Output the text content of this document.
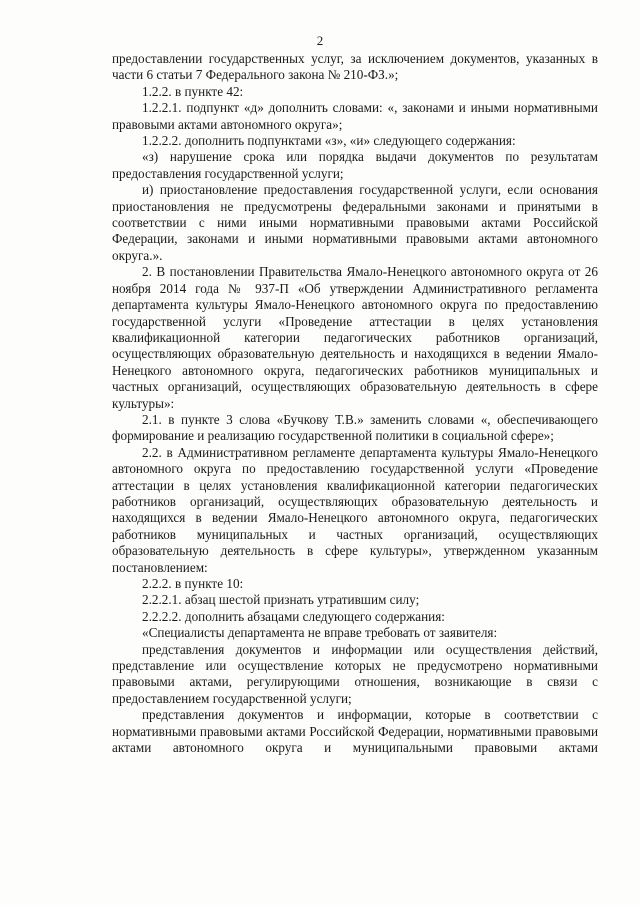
2

предоставлении государственных услуг, за исключением документов, указанных в части 6 статьи 7 Федерального закона № 210-ФЗ.»;

1.2.2. в пункте 42:

1.2.2.1. подпункт «д» дополнить словами: «, законами и иными нормативными правовыми актами автономного округа»;

1.2.2.2. дополнить подпунктами «з», «и» следующего содержания:

«з) нарушение срока или порядка выдачи документов по результатам предоставления государственной услуги;

и) приостановление предоставления государственной услуги, если основания приостановления не предусмотрены федеральными законами и принятыми в соответствии с ними иными нормативными правовыми актами Российской Федерации, законами и иными нормативными правовыми актами автономного округа.».

2. В постановлении Правительства Ямало-Ненецкого автономного округа от 26 ноября 2014 года № 937-П «Об утверждении Административного регламента департамента культуры Ямало-Ненецкого автономного округа по предоставлению государственной услуги «Проведение аттестации в целях установления квалификационной категории педагогических работников организаций, осуществляющих образовательную деятельность и находящихся в ведении Ямало-Ненецкого автономного округа, педагогических работников муниципальных и частных организаций, осуществляющих образовательную деятельность в сфере культуры»:

2.1. в пункте 3 слова «Бучкову Т.В.» заменить словами «, обеспечивающего формирование и реализацию государственной политики в социальной сфере»;

2.2. в Административном регламенте департамента культуры Ямало-Ненецкого автономного округа по предоставлению государственной услуги «Проведение аттестации в целях установления квалификационной категории педагогических работников организаций, осуществляющих образовательную деятельность и находящихся в ведении Ямало-Ненецкого автономного округа, педагогических работников муниципальных и частных организаций, осуществляющих образовательную деятельность в сфере культуры», утвержденном указанным постановлением:

2.2.2. в пункте 10:

2.2.2.1. абзац шестой признать утратившим силу;

2.2.2.2. дополнить абзацами следующего содержания:

«Специалисты департамента не вправе требовать от заявителя:

представления документов и информации или осуществления действий, представление или осуществление которых не предусмотрено нормативными правовыми актами, регулирующими отношения, возникающие в связи с предоставлением государственной услуги;

представления документов и информации, которые в соответствии с нормативными правовыми актами Российской Федерации, нормативными правовыми актами автономного округа и муниципальными правовыми актами
